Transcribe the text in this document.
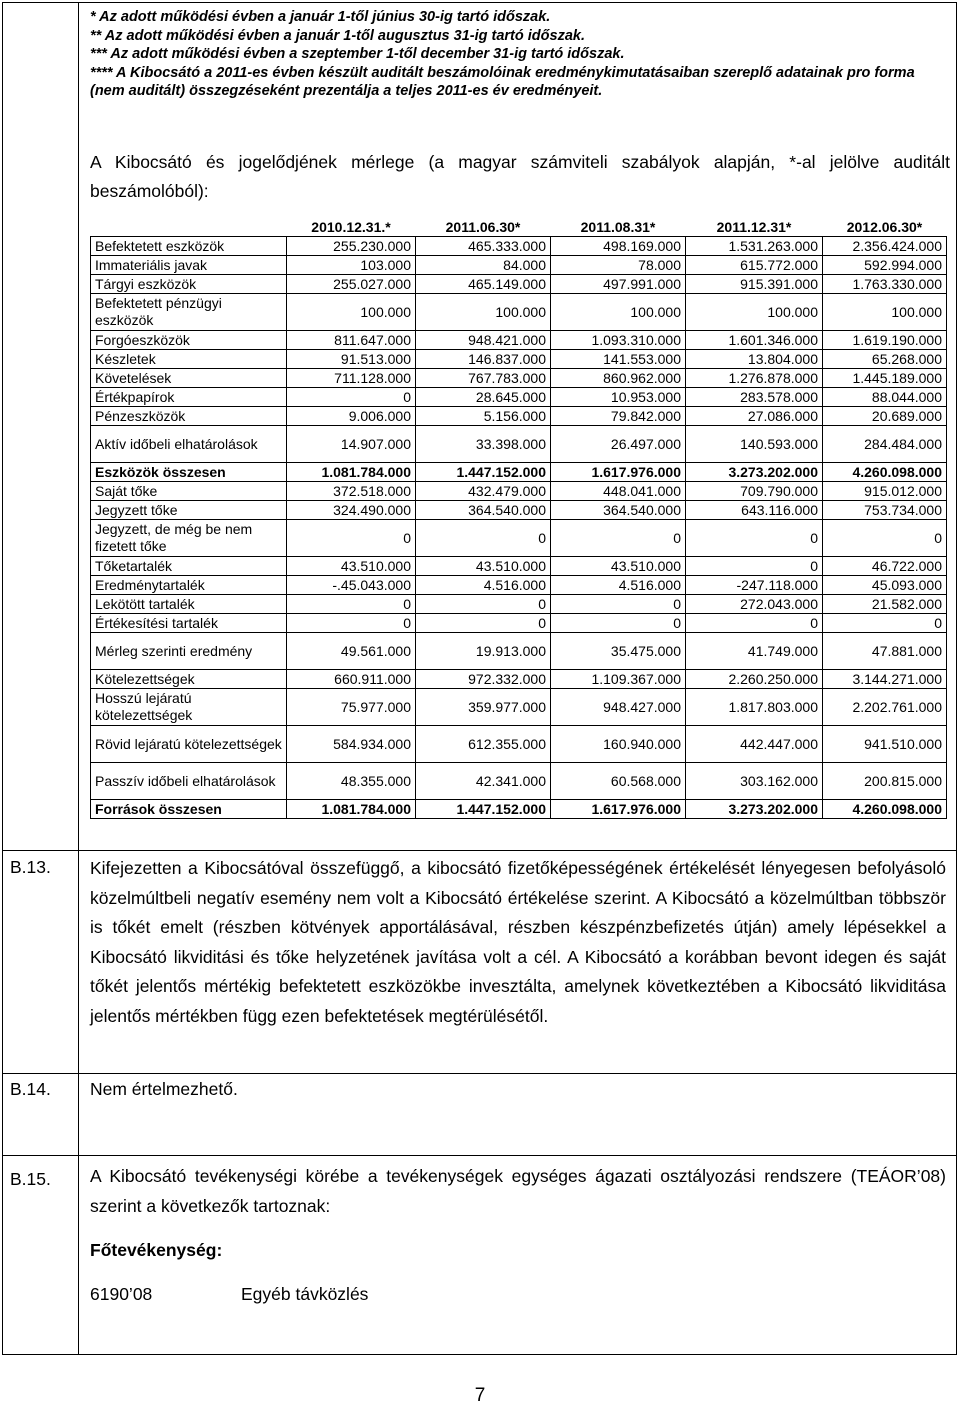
* Az adott működési évben a január 1-től június 30-ig tartó időszak.
** Az adott működési évben a január 1-től augusztus 31-ig tartó időszak.
*** Az adott működési évben a szeptember 1-től december 31-ig tartó időszak.
**** A Kibocsátó a 2011-es évben készült auditált beszámolóinak eredménykimutatásaiban szereplő adatainak pro forma (nem auditált) összegzéseként prezentálja a teljes 2011-es év eredményeit.
A Kibocsátó és jogelődjének mérlege (a magyar számviteli szabályok alapján, *-al jelölve auditált beszámolóból):
	2010.12.31.*	2011.06.30*	2011.08.31*	2011.12.31*	2012.06.30*
Befektetett eszközök	255.230.000	465.333.000	498.169.000	1.531.263.000	2.356.424.000
Immateriális javak	103.000	84.000	78.000	615.772.000	592.994.000
Tárgyi eszközök	255.027.000	465.149.000	497.991.000	915.391.000	1.763.330.000
Befektetett pénzügyi eszközök	100.000	100.000	100.000	100.000	100.000
Forgóeszközök	811.647.000	948.421.000	1.093.310.000	1.601.346.000	1.619.190.000
Készletek	91.513.000	146.837.000	141.553.000	13.804.000	65.268.000
Követelések	711.128.000	767.783.000	860.962.000	1.276.878.000	1.445.189.000
Értékpapírok	0	28.645.000	10.953.000	283.578.000	88.044.000
Pénzeszközök	9.006.000	5.156.000	79.842.000	27.086.000	20.689.000
Aktív időbeli elhatárolások	14.907.000	33.398.000	26.497.000	140.593.000	284.484.000
Eszközök összesen	1.081.784.000	1.447.152.000	1.617.976.000	3.273.202.000	4.260.098.000
Saját tőke	372.518.000	432.479.000	448.041.000	709.790.000	915.012.000
Jegyzett tőke	324.490.000	364.540.000	364.540.000	643.116.000	753.734.000
Jegyzett, de még be nem fizetett tőke	0	0	0	0	0
Tőketartalék	43.510.000	43.510.000	43.510.000	0	46.722.000
Eredménytartalék	-.45.043.000	4.516.000	4.516.000	-247.118.000	45.093.000
Lekötött tartalék	0	0	0	272.043.000	21.582.000
Értékesítési tartalék	0	0	0	0	0
Mérleg szerinti eredmény	49.561.000	19.913.000	35.475.000	41.749.000	47.881.000
Kötelezettségek	660.911.000	972.332.000	1.109.367.000	2.260.250.000	3.144.271.000
Hosszú lejáratú kötelezettségek	75.977.000	359.977.000	948.427.000	1.817.803.000	2.202.761.000
Rövid lejáratú kötelezettségek	584.934.000	612.355.000	160.940.000	442.447.000	941.510.000
Passzív időbeli elhatárolások	48.355.000	42.341.000	60.568.000	303.162.000	200.815.000
Források összesen	1.081.784.000	1.447.152.000	1.617.976.000	3.273.202.000	4.260.098.000
B.13. Kifejezetten a Kibocsátóval összefüggő, a kibocsátó fizetőképességének értékelését lényegesen befolyásoló közelmúltbeli negatív esemény nem volt a Kibocsátó értékelése szerint. A Kibocsátó a közelmúltban többször is tőkét emelt (részben kötvények apportálásával, részben készpénzbefizetés útján) amely lépésekkel a Kibocsátó likviditási és tőke helyzetének javítása volt a cél. A Kibocsátó a korábban bevont idegen és saját tőkét jelentős mértékig befektetett eszközökbe invesztálta, amelynek következtében a Kibocsátó likviditása jelentős mértékben függ ezen befektetések megtérülésétől.
B.14. Nem értelmezhető.
B.15. A Kibocsátó tevékenységi körébe a tevékenységek egységes ágazati osztályozási rendszere (TEÁOR’08) szerint a következők tartoznak:
Főtevékenység:
6190’08	Egyéb távközlés
7
